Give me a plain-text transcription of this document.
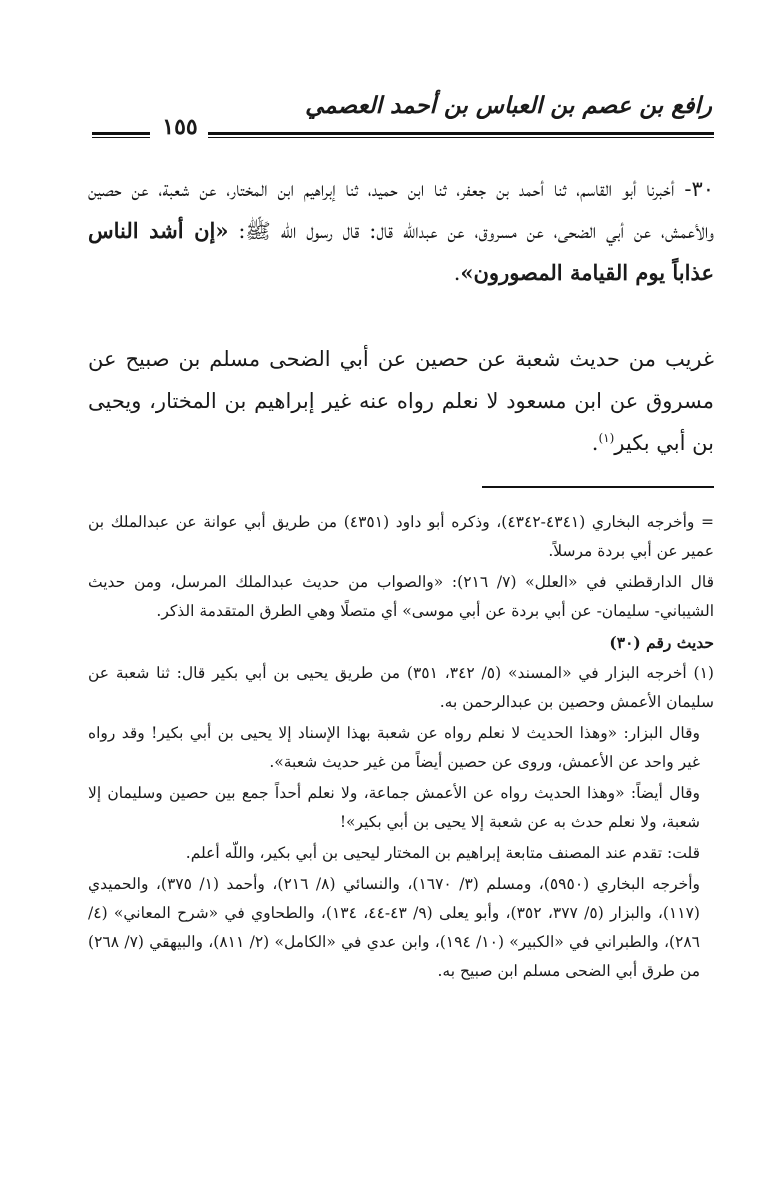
رافع بن عصم بن العباس بن أحمد العصمي
١٥٥

٣٠- أخبرنا أبو القاسم، ثنا أحمد بن جعفر، ثنا ابن حميد، ثنا إبراهيم ابن المختار، عن شعبة، عن حصين والأعمش، عن أبي الضحى، عن مسروق، عن عبداللّه قال: قال رسول اللّه ﷺ: «إن أشد الناس عذاباً يوم القيامة المصورون».

غريب من حديث شعبة عن حصين عن أبي الضحى مسلم بن صبيح عن مسروق عن ابن مسعود لا نعلم رواه عنه غير إبراهيم بن المختار، ويحيى بن أبي بكير$^{(١)}$.

= وأخرجه البخاري (٤٣٤١-٤٣٤٢)، وذكره أبو داود (٤٣٥١) من طريق أبي عوانة عن عبدالملك بن عمير عن أبي بردة مرسلاً.

قال الدارقطني في «العلل» (٧/ ٢١٦): «والصواب من حديث عبدالملك المرسل، ومن حديث الشيباني- سليمان- عن أبي بردة عن أبي موسى» أي متصلًا وهي الطرق المتقدمة الذكر.

حديث رقم (٣٠)

(١) أخرجه البزار في «المسند» (٥/ ٣٤٢، ٣٥١) من طريق يحيى بن أبي بكير قال: ثنا شعبة عن سليمان الأعمش وحصين بن عبدالرحمن به.

وقال البزار: «وهذا الحديث لا نعلم رواه عن شعبة بهذا الإسناد إلا يحيى بن أبي بكير! وقد رواه غير واحد عن الأعمش، وروى عن حصين أيضاً من غير حديث شعبة».

وقال أيضاً: «وهذا الحديث رواه عن الأعمش جماعة، ولا نعلم أحداً جمع بين حصين وسليمان إلا شعبة، ولا نعلم حدث به عن شعبة إلا يحيى بن أبي بكير»!

قلت: تقدم عند المصنف متابعة إبراهيم بن المختار ليحيى بن أبي بكير، واللّه أعلم.

وأخرجه البخاري (٥٩٥٠)، ومسلم (٣/ ١٦٧٠)، والنسائي (٨/ ٢١٦)، وأحمد (١/ ٣٧٥)، والحميدي (١١٧)، والبزار (٥/ ٣٧٧، ٣٥٢)، وأبو يعلى (٩/ ٤٣-٤٤، ١٣٤)، والطحاوي في «شرح المعاني» (٤/ ٢٨٦)، والطبراني في «الكبير» (١٠/ ١٩٤)، وابن عدي في «الكامل» (٢/ ٨١١)، والبيهقي (٧/ ٢٦٨) من طرق أبي الضحى مسلم ابن صبيح به.
